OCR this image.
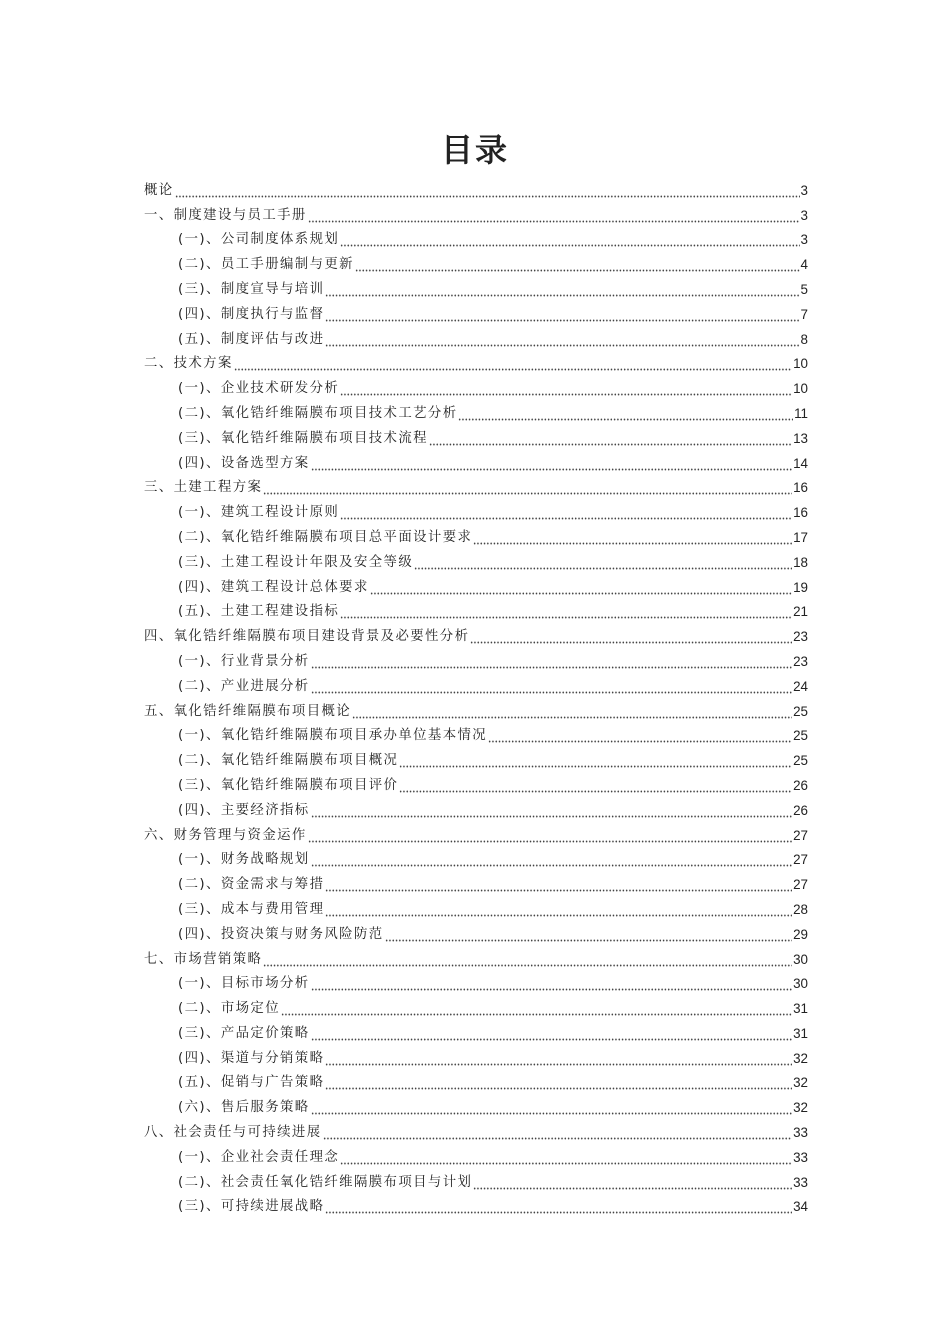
目录
概论	3
一、制度建设与员工手册	3
(一)、公司制度体系规划	3
(二)、员工手册编制与更新	4
(三)、制度宣导与培训	5
(四)、制度执行与监督	7
(五)、制度评估与改进	8
二、技术方案	10
(一)、企业技术研发分析	10
(二)、氧化锆纤维隔膜布项目技术工艺分析	11
(三)、氧化锆纤维隔膜布项目技术流程	13
(四)、设备选型方案	14
三、土建工程方案	16
(一)、建筑工程设计原则	16
(二)、氧化锆纤维隔膜布项目总平面设计要求	17
(三)、土建工程设计年限及安全等级	18
(四)、建筑工程设计总体要求	19
(五)、土建工程建设指标	21
四、氧化锆纤维隔膜布项目建设背景及必要性分析	23
(一)、行业背景分析	23
(二)、产业进展分析	24
五、氧化锆纤维隔膜布项目概论	25
(一)、氧化锆纤维隔膜布项目承办单位基本情况	25
(二)、氧化锆纤维隔膜布项目概况	25
(三)、氧化锆纤维隔膜布项目评价	26
(四)、主要经济指标	26
六、财务管理与资金运作	27
(一)、财务战略规划	27
(二)、资金需求与筹措	27
(三)、成本与费用管理	28
(四)、投资决策与财务风险防范	29
七、市场营销策略	30
(一)、目标市场分析	30
(二)、市场定位	31
(三)、产品定价策略	31
(四)、渠道与分销策略	32
(五)、促销与广告策略	32
(六)、售后服务策略	32
八、社会责任与可持续进展	33
(一)、企业社会责任理念	33
(二)、社会责任氧化锆纤维隔膜布项目与计划	33
(三)、可持续进展战略	34
